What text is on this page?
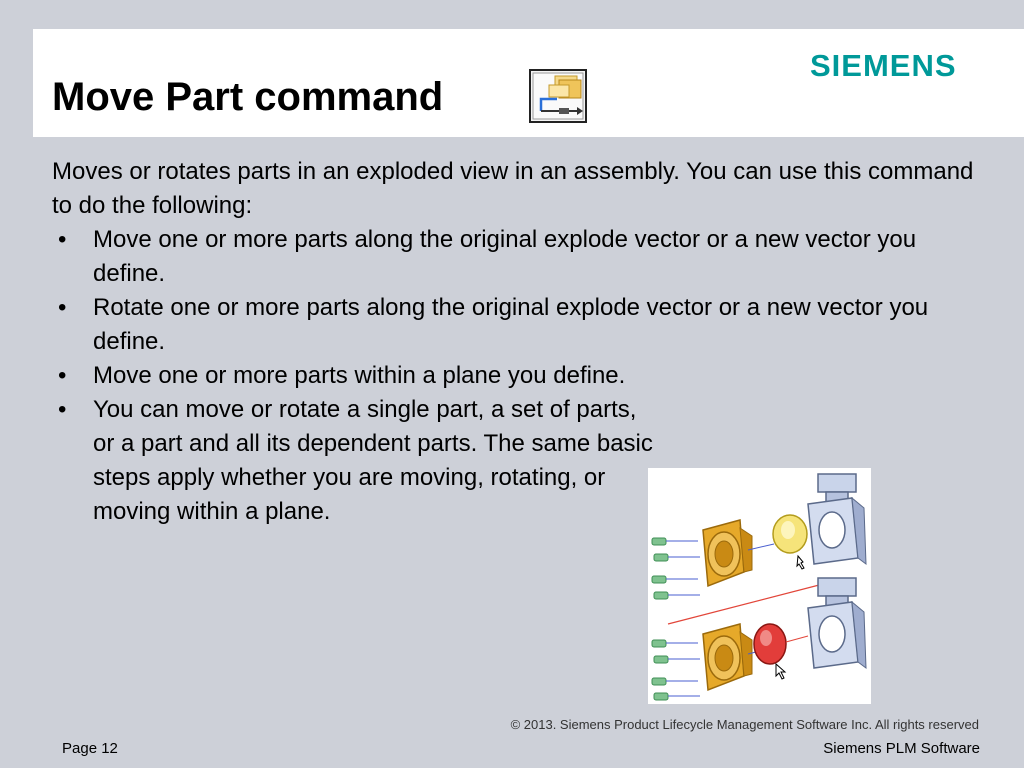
Move Part command
SIEMENS

Moves or rotates parts in an exploded view in an assembly. You can use this command to do the following:

• Move one or more parts along the original explode vector or a new vector you define.
• Rotate one or more parts along the original explode vector or a new vector you define.
• Move one or more parts within a plane you define.
• You can move or rotate a single part, a set of parts, or a part and all its dependent parts. The same basic steps apply whether you are moving, rotating, or moving within a plane.
© 2013. Siemens Product Lifecycle Management Software Inc. All rights reserved
Page 12	Siemens PLM Software
